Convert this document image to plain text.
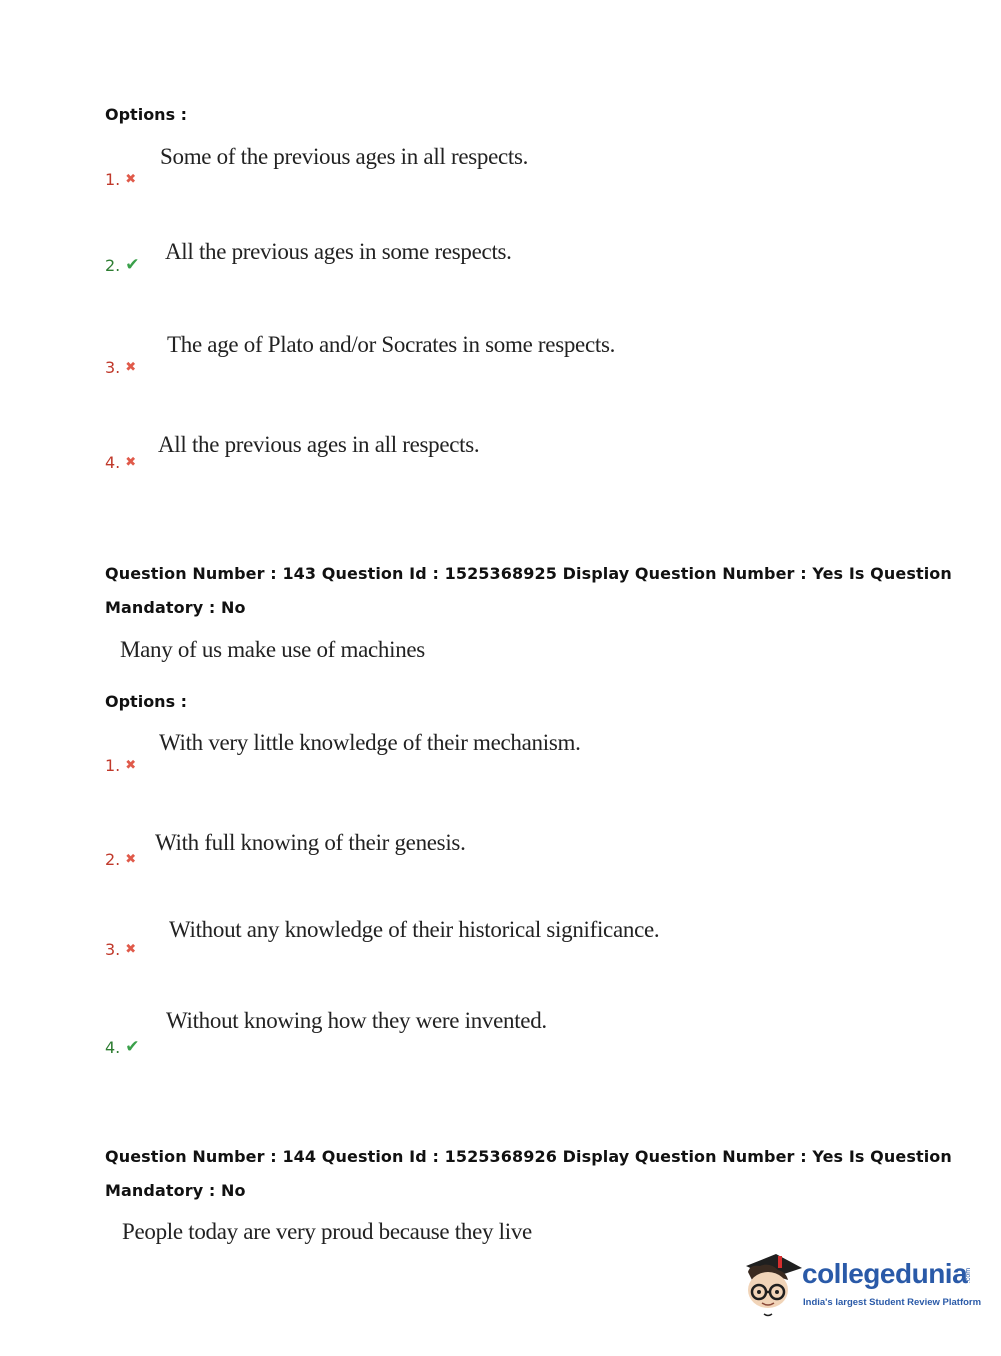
Options :
1. ✖
Some of the previous ages in all respects.
2. ✔
All the previous ages in some respects.
3. ✖
The age of Plato and/or Socrates in some respects.
4. ✖
All the previous ages in all respects.
Question Number : 143 Question Id : 1525368925 Display Question Number : Yes Is Question
Mandatory : No
Many of us make use of machines
Options :
1. ✖
With very little knowledge of their mechanism.
2. ✖
With full knowing of their genesis.
3. ✖
Without any knowledge of their historical significance.
4. ✔
Without knowing how they were invented.
Question Number : 144 Question Id : 1525368926 Display Question Number : Yes Is Question
Mandatory : No
People today are very proud because they live
collegedunia
.com
India's largest Student Review Platform
